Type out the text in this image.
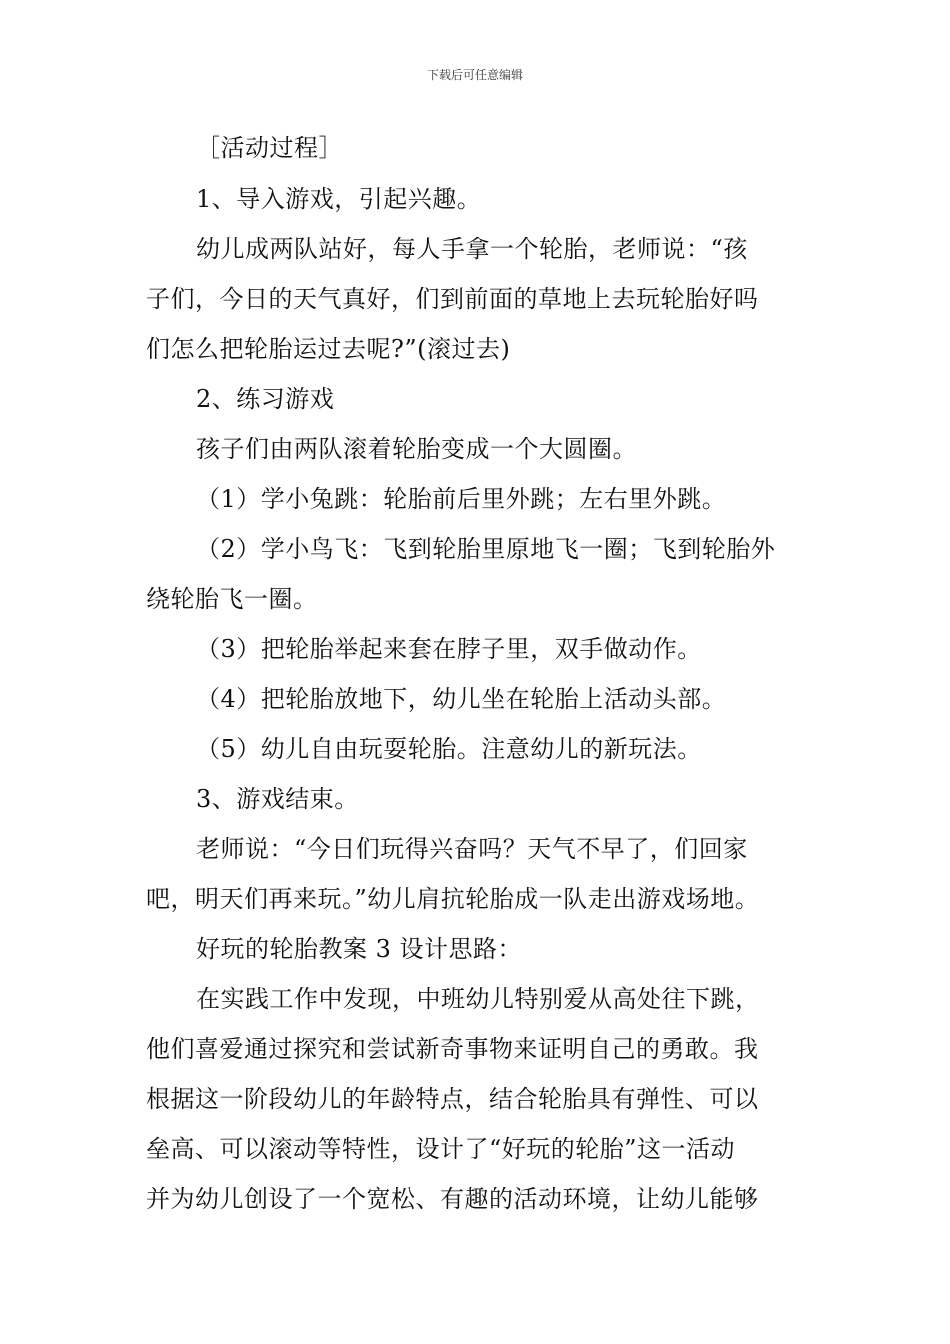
下载后可任意编辑
［活动过程］
1、导入游戏，引起兴趣。
幼儿成两队站好，每人手拿一个轮胎，老师说：“孩
子们，今日的天气真好，们到前面的草地上去玩轮胎好吗
们怎么把轮胎运过去呢?”(滚过去)
2、练习游戏
孩子们由两队滚着轮胎变成一个大圆圈。
（1）学小兔跳：轮胎前后里外跳；左右里外跳。
（2）学小鸟飞：飞到轮胎里原地飞一圈；飞到轮胎外
绕轮胎飞一圈。
（3）把轮胎举起来套在脖子里，双手做动作。
（4）把轮胎放地下，幼儿坐在轮胎上活动头部。
（5）幼儿自由玩耍轮胎。注意幼儿的新玩法。
3、游戏结束。
老师说：“今日们玩得兴奋吗？天气不早了，们回家
吧，明天们再来玩。”幼儿肩抗轮胎成一队走出游戏场地。
好玩的轮胎教案 3 设计思路：
在实践工作中发现，中班幼儿特别爱从高处往下跳，
他们喜爱通过探究和尝试新奇事物来证明自己的勇敢。我
根据这一阶段幼儿的年龄特点，结合轮胎具有弹性、可以
垒高、可以滚动等特性，设计了“好玩的轮胎”这一活动
并为幼儿创设了一个宽松、有趣的活动环境，让幼儿能够
